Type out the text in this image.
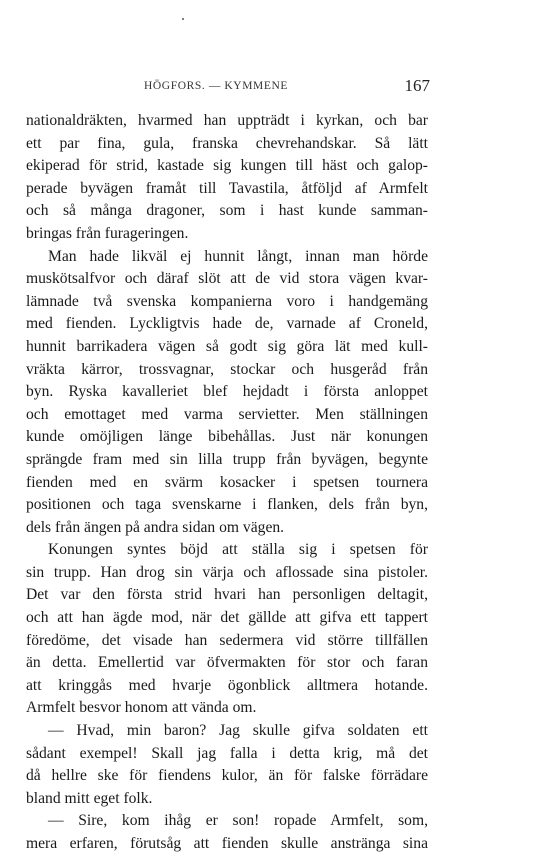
HÖGFORS. — KYMMENE	167
nationaldräkten, hvarmed han uppträdt i kyrkan, och bar
ett par fina, gula, franska chevrehandskar. Så lätt
ekiperad för strid, kastade sig kungen till häst och galop-
perade byvägen framåt till Tavastila, åtföljd af Armfelt
och så många dragoner, som i hast kunde samman-
bringas från furageringen.
Man hade likväl ej hunnit långt, innan man hörde
muskötsalfvor och däraf slöt att de vid stora vägen kvar-
lämnade två svenska kompanierna voro i handgemäng
med fienden. Lyckligtvis hade de, varnade af Croneld,
hunnit barrikadera vägen så godt sig göra lät med kull-
vräkta kärror, trossvagnar, stockar och husgeråd från
byn. Ryska kavalleriet blef hejdadt i första anloppet
och emottaget med varma servietter. Men ställningen
kunde omöjligen länge bibehållas. Just när konungen
sprängde fram med sin lilla trupp från byvägen, begynte
fienden med en svärm kosacker i spetsen tournera
positionen och taga svenskarne i flanken, dels från byn,
dels från ängen på andra sidan om vägen.
Konungen syntes böjd att ställa sig i spetsen för
sin trupp. Han drog sin värja och aflossade sina pistoler.
Det var den första strid hvari han personligen deltagit,
och att han ägde mod, när det gällde att gifva ett tappert
föredöme, det visade han sedermera vid större tillfällen
än detta. Emellertid var öfvermakten för stor och faran
att kringgås med hvarje ögonblick alltmera hotande.
Armfelt besvor honom att vända om.
— Hvad, min baron? Jag skulle gifva soldaten ett
sådant exempel! Skall jag falla i detta krig, må det
då hellre ske för fiendens kulor, än för falske förrädare
bland mitt eget folk.
— Sire, kom ihåg er son! ropade Armfelt, som,
mera erfaren, förutsåg att fienden skulle anstränga sina
